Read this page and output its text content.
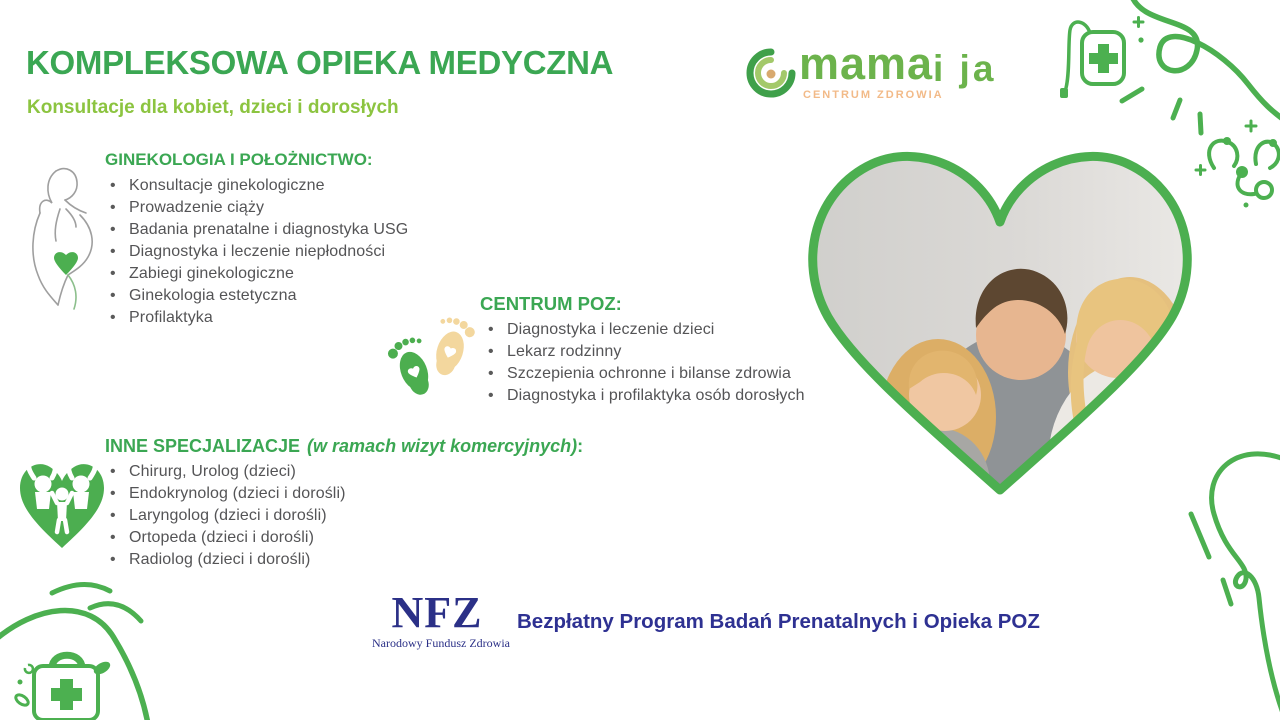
KOMPLEKSOWA OPIEKA MEDYCZNA
Konsultacje dla kobiet, dzieci i dorosłych
mama i ja
CENTRUM ZDROWIA
GINEKOLOGIA I POŁOŻNICTWO:
• Konsultacje ginekologiczne
• Prowadzenie ciąży
• Badania prenatalne i diagnostyka USG
• Diagnostyka i leczenie niepłodności
• Zabiegi ginekologiczne
• Ginekologia estetyczna
• Profilaktyka
CENTRUM POZ:
• Diagnostyka i leczenie dzieci
• Lekarz rodzinny
• Szczepienia ochronne i bilanse zdrowia
• Diagnostyka i profilaktyka osób dorosłych
INNE SPECJALIZACJE (w ramach wizyt komercyjnych):
• Chirurg, Urolog (dzieci)
• Endokrynolog (dzieci i dorośli)
• Laryngolog (dzieci i dorośli)
• Ortopeda (dzieci i dorośli)
• Radiolog (dzieci i dorośli)
NFZ
Narodowy Fundusz Zdrowia
Bezpłatny Program Badań Prenatalnych i Opieka POZ
